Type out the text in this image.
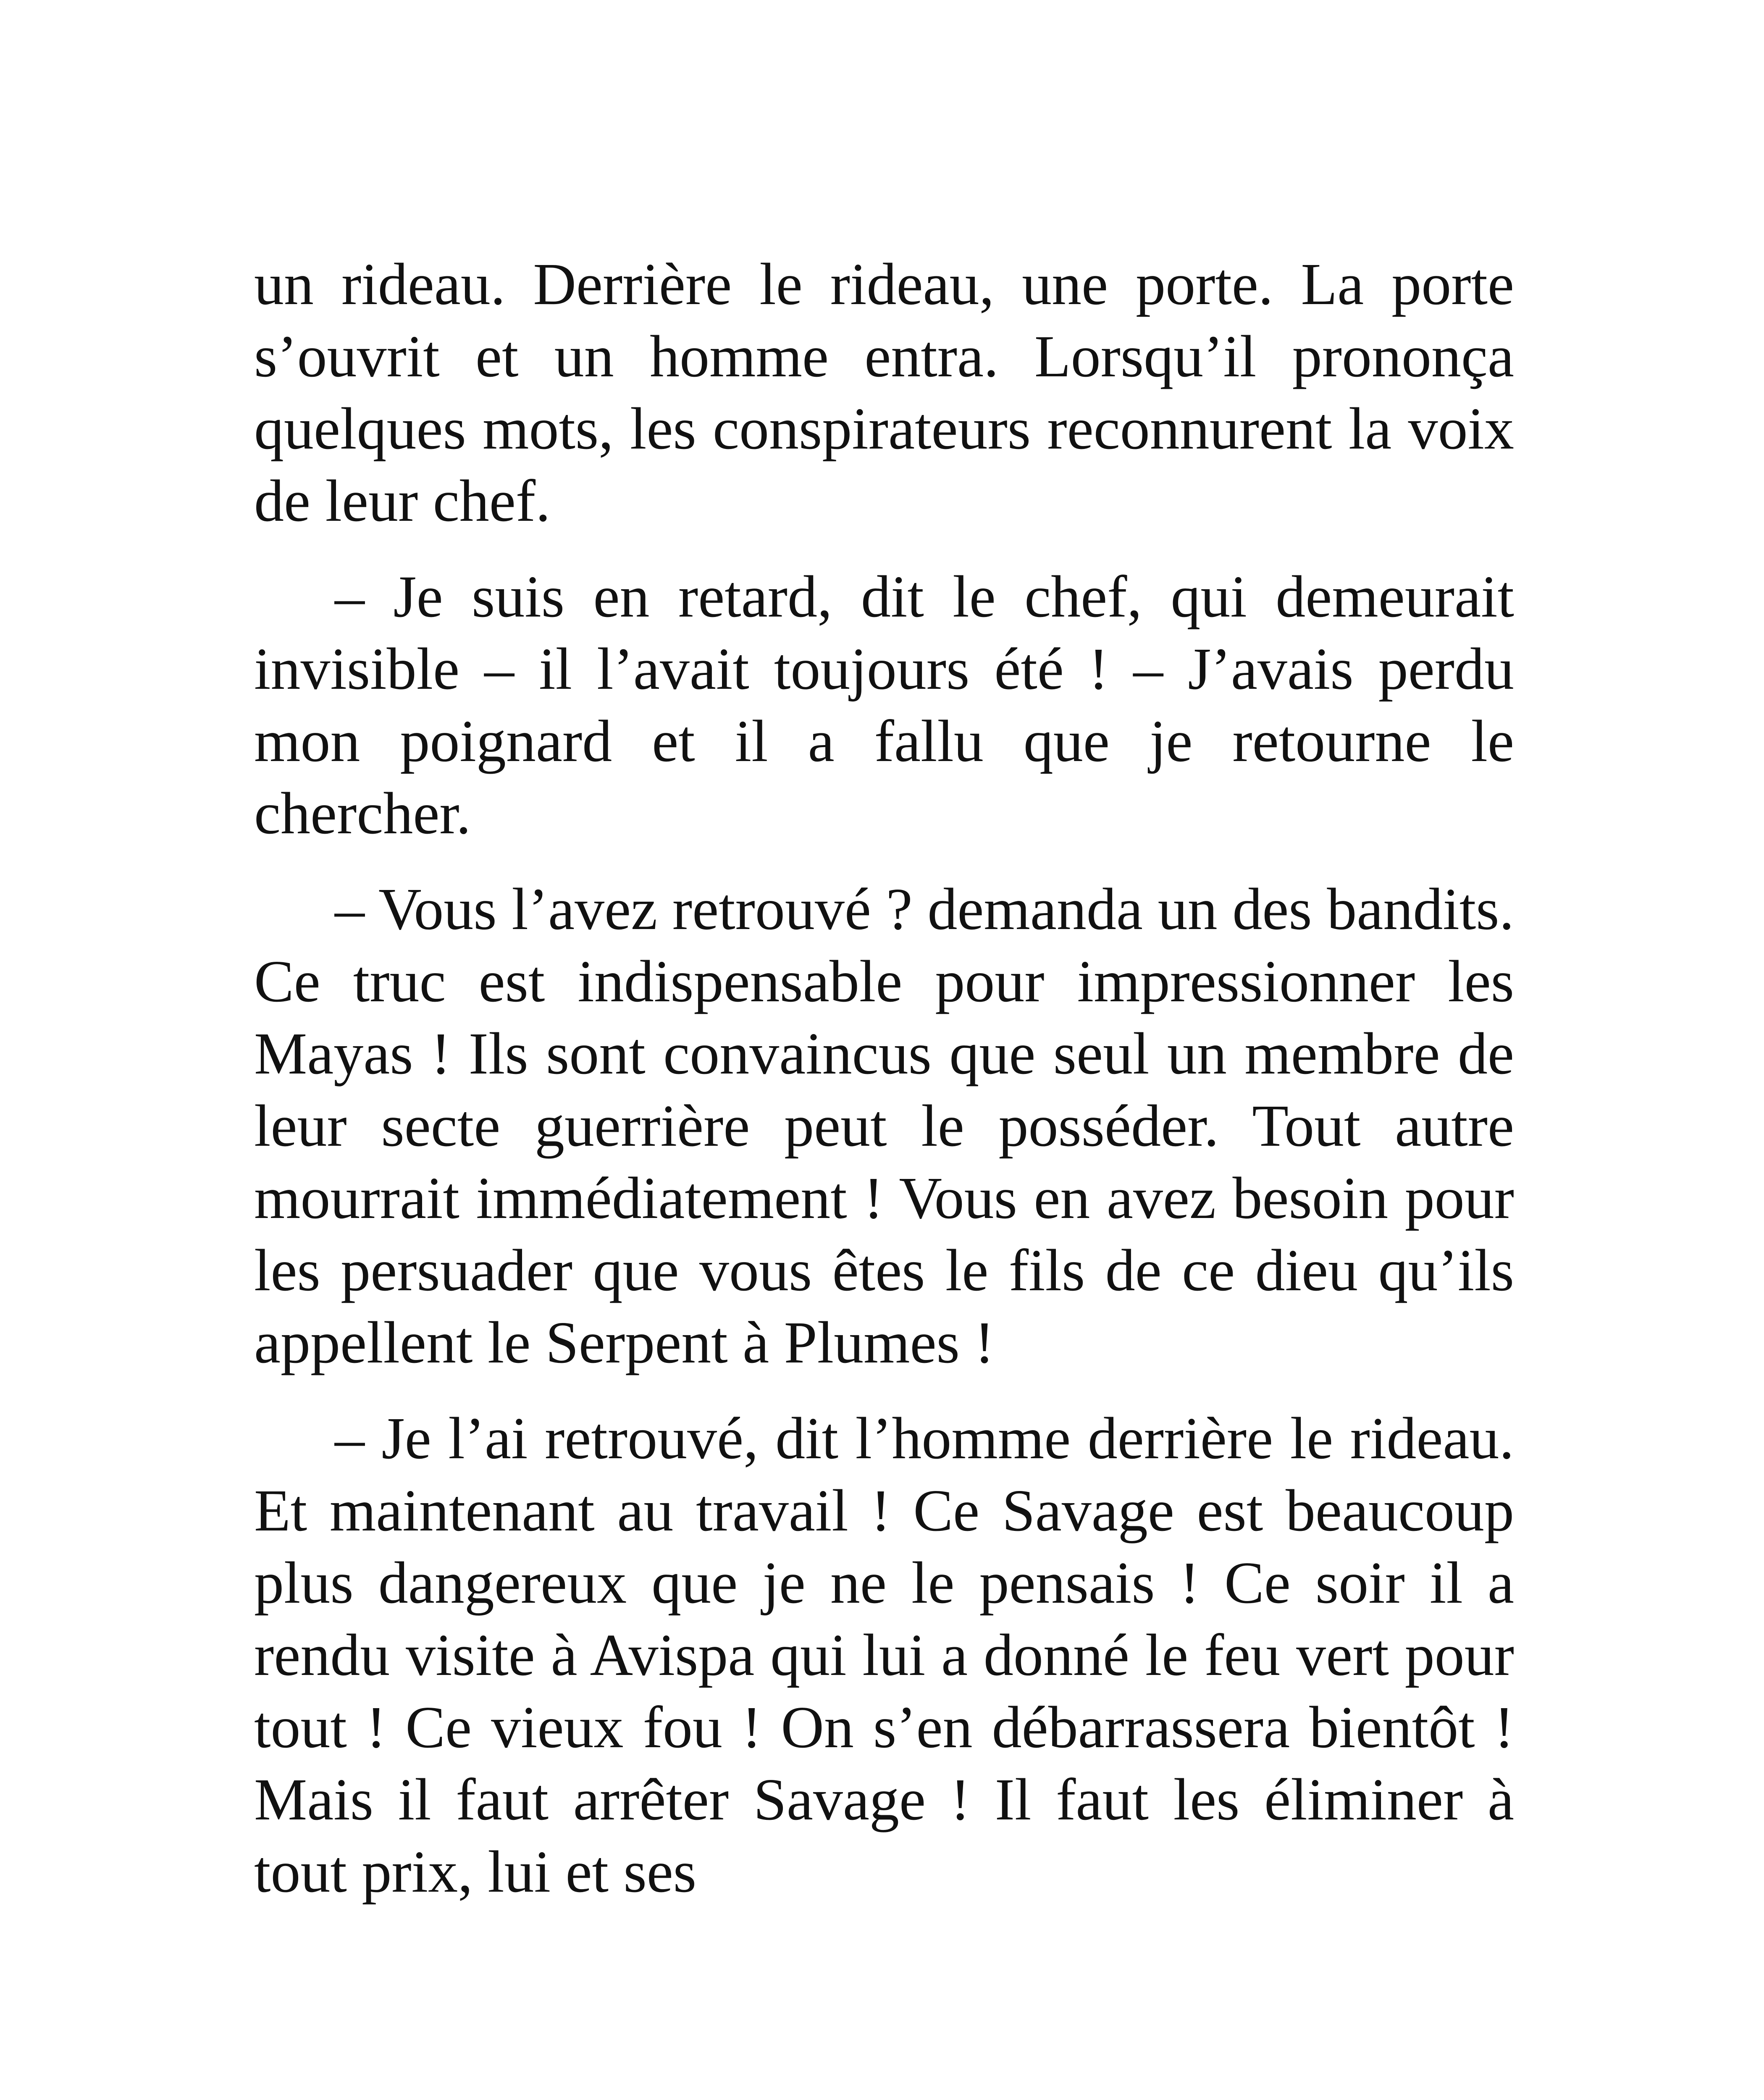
un rideau. Derrière le rideau, une porte. La porte s’ouvrit et un homme entra. Lorsqu’il prononça quelques mots, les conspirateurs reconnurent la voix de leur chef.

– Je suis en retard, dit le chef, qui demeurait invisible – il l’avait toujours été ! – J’avais perdu mon poignard et il a fallu que je retourne le chercher.

– Vous l’avez retrouvé ? demanda un des bandits. Ce truc est indispensable pour impressionner les Mayas ! Ils sont convaincus que seul un membre de leur secte guerrière peut le posséder. Tout autre mourrait immédiatement ! Vous en avez besoin pour les persuader que vous êtes le fils de ce dieu qu’ils appellent le Serpent à Plumes !

– Je l’ai retrouvé, dit l’homme derrière le rideau. Et maintenant au travail ! Ce Savage est beaucoup plus dangereux que je ne le pensais ! Ce soir il a rendu visite à Avispa qui lui a donné le feu vert pour tout ! Ce vieux fou ! On s’en débarrassera bientôt ! Mais il faut arrêter Savage ! Il faut les éliminer à tout prix, lui et ses
